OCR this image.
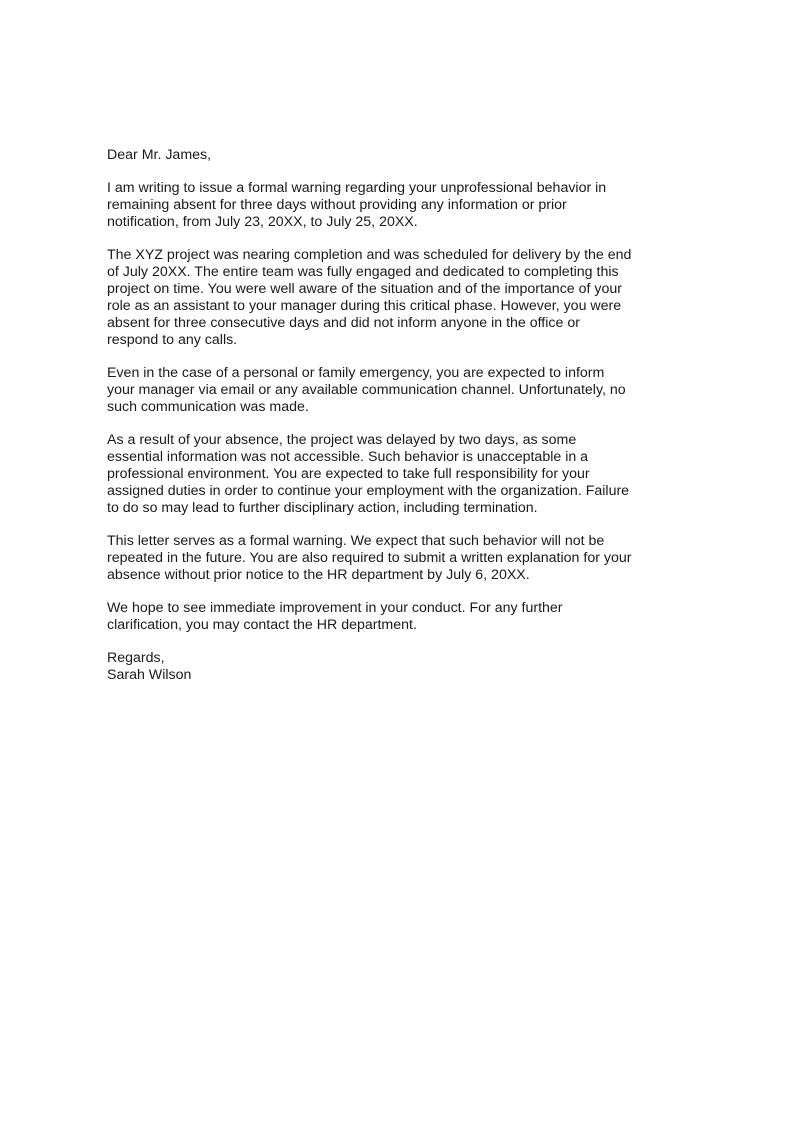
Dear Mr. James,

I am writing to issue a formal warning regarding your unprofessional behavior in
remaining absent for three days without providing any information or prior
notification, from July 23, 20XX, to July 25, 20XX.

The XYZ project was nearing completion and was scheduled for delivery by the end
of July 20XX. The entire team was fully engaged and dedicated to completing this
project on time. You were well aware of the situation and of the importance of your
role as an assistant to your manager during this critical phase. However, you were
absent for three consecutive days and did not inform anyone in the office or
respond to any calls.

Even in the case of a personal or family emergency, you are expected to inform
your manager via email or any available communication channel. Unfortunately, no
such communication was made.

As a result of your absence, the project was delayed by two days, as some
essential information was not accessible. Such behavior is unacceptable in a
professional environment. You are expected to take full responsibility for your
assigned duties in order to continue your employment with the organization. Failure
to do so may lead to further disciplinary action, including termination.

This letter serves as a formal warning. We expect that such behavior will not be
repeated in the future. You are also required to submit a written explanation for your
absence without prior notice to the HR department by July 6, 20XX.

We hope to see immediate improvement in your conduct. For any further
clarification, you may contact the HR department.

Regards,
Sarah Wilson
